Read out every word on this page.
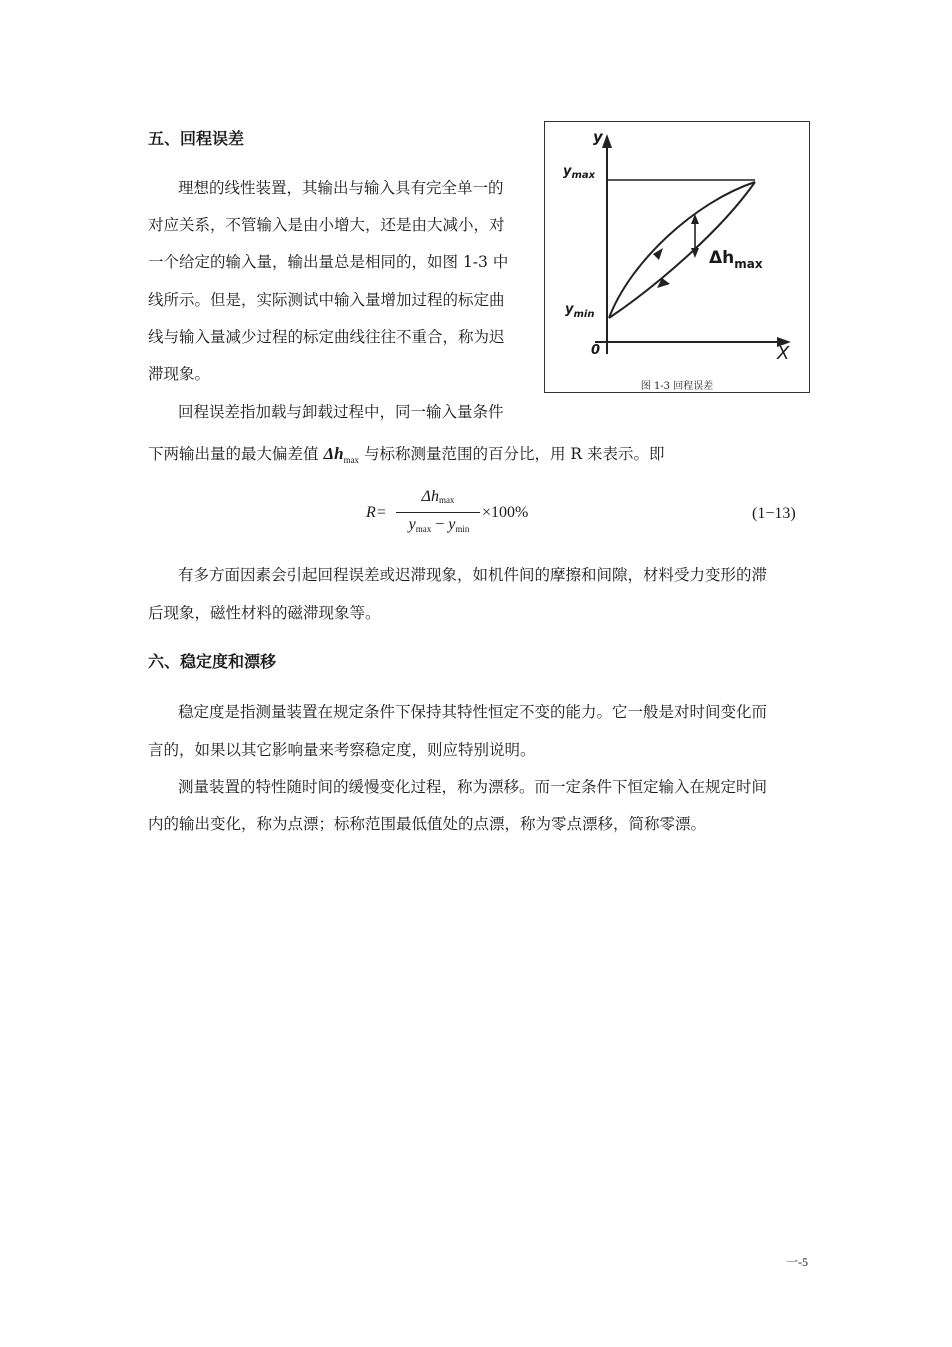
五、回程误差
理想的线性装置，其输出与输入具有完全单一的
对应关系，不管输入是由小增大，还是由大减小，对
一个给定的输入量，输出量总是相同的，如图 1-3 中
线所示。但是，实际测试中输入量增加过程的标定曲
线与输入量减少过程的标定曲线往往不重合，称为迟
滞现象。
回程误差指加载与卸载过程中，同一输入量条件
下两输出量的最大偏差值 $\Delta h_{max}$ 与标称测量范围的百分比，用 R 来表示。即
y
$y_{max}$
$y_{min}$
$\Delta h_{max}$
0	X
图 1-3 回程误差
R=
$\Delta h_{max}$
$y_{max} - y_{min}$
×100%	(1−13)
有多方面因素会引起回程误差或迟滞现象，如机件间的摩擦和间隙，材料受力变形的滞
后现象，磁性材料的磁滞现象等。
六、稳定度和漂移
稳定度是指测量装置在规定条件下保持其特性恒定不变的能力。它一般是对时间变化而
言的，如果以其它影响量来考察稳定度，则应特别说明。
测量装置的特性随时间的缓慢变化过程，称为漂移。而一定条件下恒定输入在规定时间
内的输出变化，称为点漂；标称范围最低值处的点漂，称为零点漂移，简称零漂。
一-5
